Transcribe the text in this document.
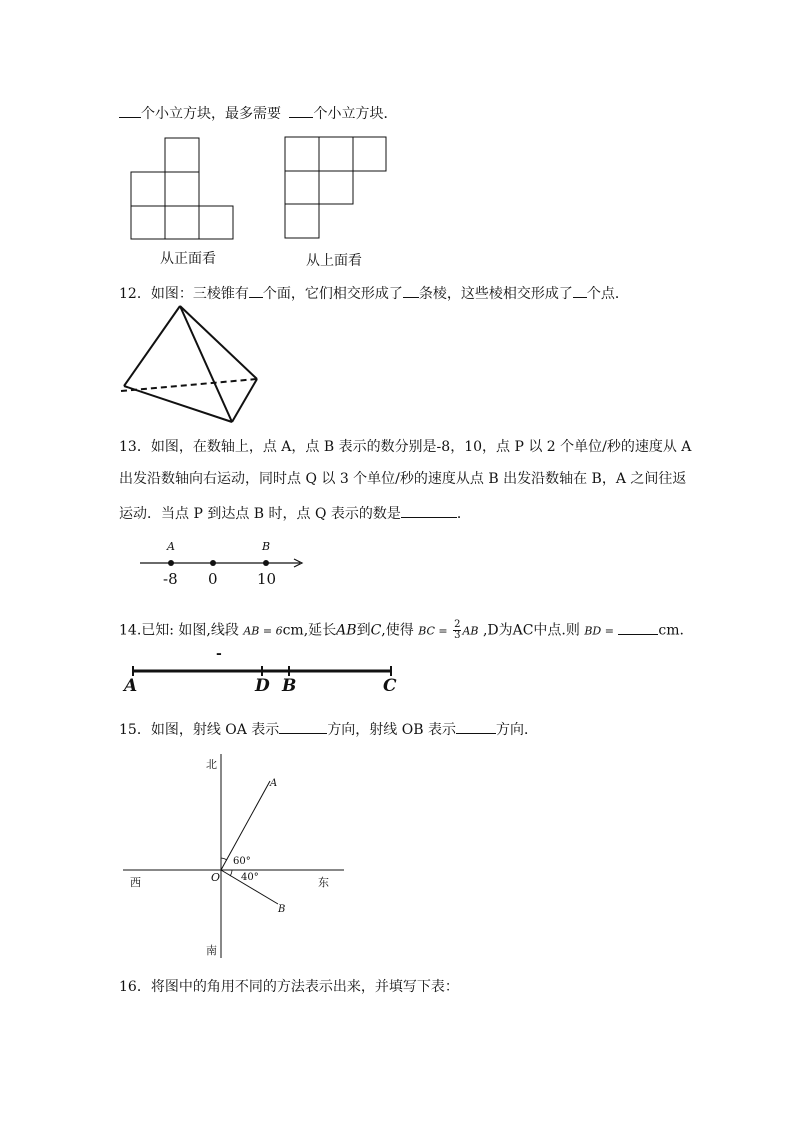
个小立方块，最多需要 个小立方块．
从正面看	从上面看
12．如图：三棱锥有 个面，它们相交形成了 条棱，这些棱相交形成了 个点．
13．如图，在数轴上，点 A，点 B 表示的数分别是-8，10，点 P 以 2 个单位/秒的速度从 A
出发沿数轴向右运动，同时点 Q 以 3 个单位/秒的速度从点 B 出发沿数轴在 B，A 之间往返
运动．当点 P 到达点 B 时，点 Q 表示的数是	．
A	B
-8 0	10
14.已知: 如图,线段 AB = 6cm,延长AB到C,使得 BC = $\frac{2}{3}$ AB ,D为AC中点.则 BD =	cm.
-
A	D B	C
15．如图，射线 OA 表示	方向，射线 OB 表示	方向．
北
南
西	东
O
A
B
60°
40°
16．将图中的角用不同的方法表示出来，并填写下表：
